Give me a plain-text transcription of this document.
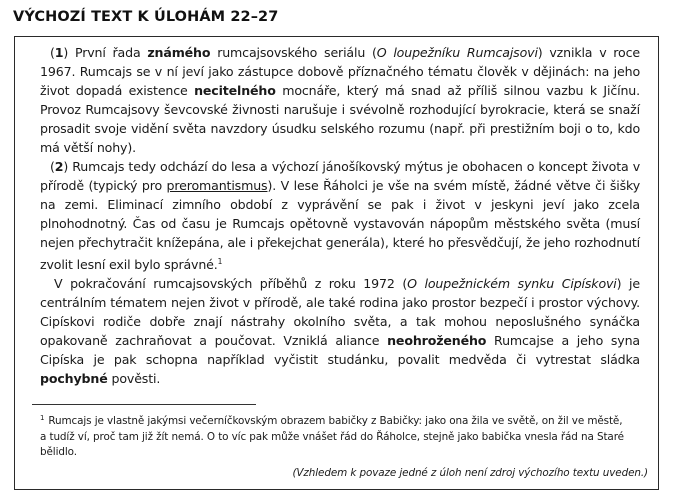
VÝCHOZÍ TEXT K ÚLOHÁM 22–27

(1) První řada známého rumcajsovského seriálu (O loupežníku Rumcajsovi) vznikla v roce 1967. Rumcajs se v ní jeví jako zástupce dobově příznačného tématu člověk v dějinách: na jeho život dopadá existence necitelného mocnáře, který má snad až příliš silnou vazbu k Jičínu. Provoz Rumcajsovy ševcovské živnosti narušuje i svévolně rozhodující byrokracie, která se snaží prosadit svoje vidění světa navzdory úsudku selského rozumu (např. při prestižním boji o to, kdo má větší nohy).

(2) Rumcajs tedy odchází do lesa a výchozí jánošíkovský mýtus je obohacen o koncept života v přírodě (typický pro preromantismus). V lese Řáholci je vše na svém místě, žádné větve či šišky na zemi. Eliminací zimního období z vyprávění se pak i život v jeskyni jeví jako zcela plnohodnotný. Čas od času je Rumcajs opětovně vystavován nápорům městského světa (musí nejen přechytračit knížepána, ale i překejchat generála), které ho přesvědčují, že jeho rozhodnutí zvolit lesní exil bylo správné.$^1$

V pokračování rumcajsovských příběhů z roku 1972 (O loupežnickém synku Cipískovi) je centrálním tématem nejen život v přírodě, ale také rodina jako prostor bezpečí i prostor výchovy. Cipískovi rodiče dobře znají nástrahy okolního světa, a tak mohou neposlušného synáčka opakovaně zachraňovat a poučovat. Vzniklá aliance neohroženého Rumcajse a jeho syna Cipíska je pak schopna například vyčistit studánku, povalit medvěda či vytrestat sládka pochybné pověsti.

$^1$ Rumcajs je vlastně jakýmsi večerníčkovským obrazem babičky z Babičky: jako ona žila ve světě, on žil ve městě, a tudíž ví, proč tam již žít nemá. O to víc pak může vnášet řád do Řáholce, stejně jako babička vnesla řád na Staré bělidlo.
(Vzhledem k povaze jedné z úloh není zdroj výchozího textu uveden.)
